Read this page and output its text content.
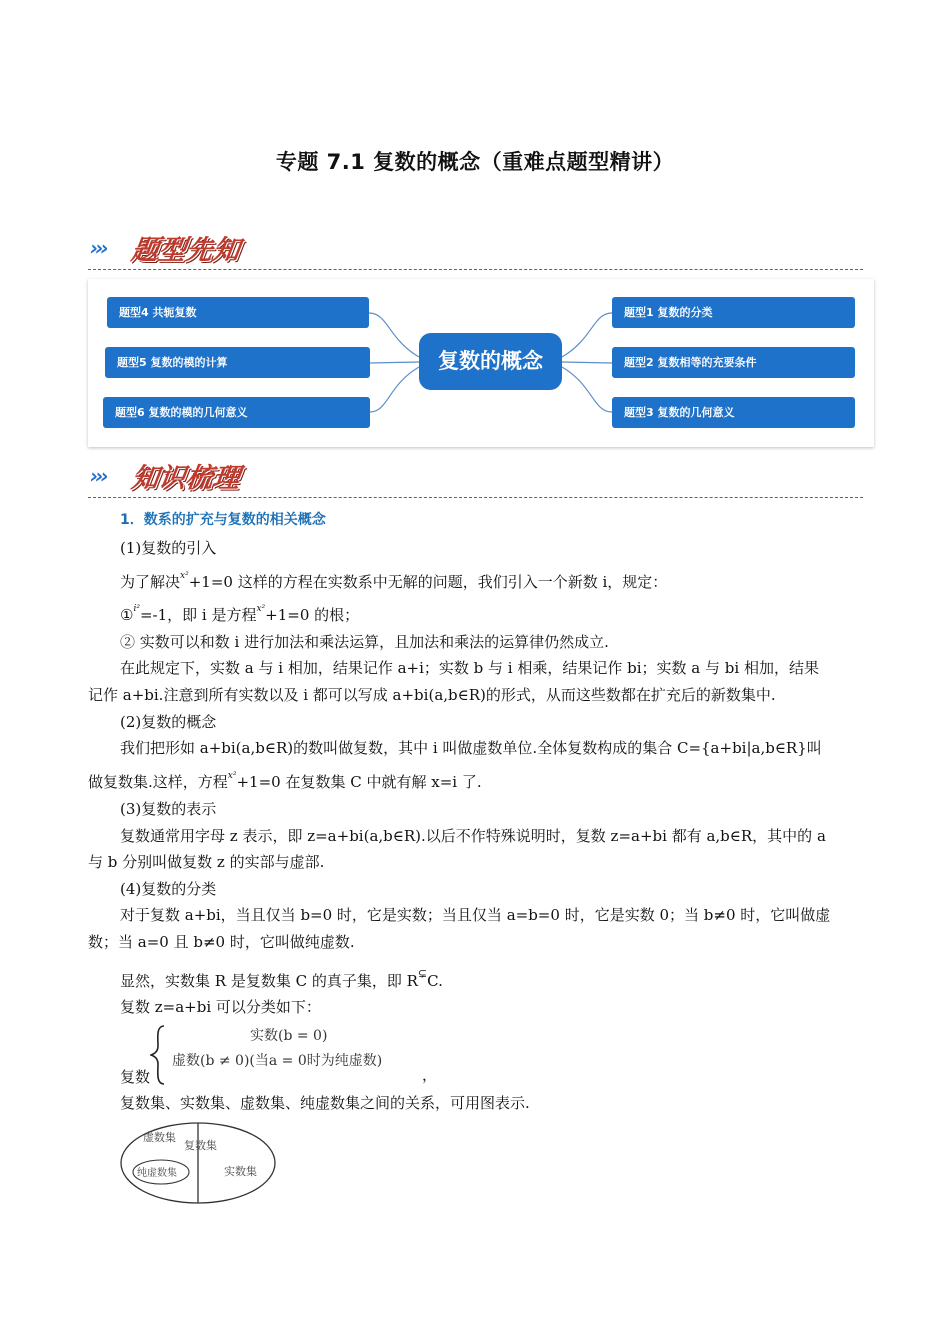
专题 7.1 复数的概念（重难点题型精讲）
››› 题型先知
题型4 共轭复数
题型5 复数的模的计算
题型6 复数的模的几何意义
复数的概念
题型1 复数的分类
题型2 复数相等的充要条件
题型3 复数的几何意义
››› 知识梳理
1．数系的扩充与复数的相关概念
(1)复数的引入
为了解决$^{x^2}$+1=0 这样的方程在实数系中无解的问题，我们引入一个新数 i，规定：
①$^{i^2}$=-1，即 i 是方程$^{x^2}$+1=0 的根；
② 实数可以和数 i 进行加法和乘法运算，且加法和乘法的运算律仍然成立.
在此规定下，实数 a 与 i 相加，结果记作 a+i；实数 b 与 i 相乘，结果记作 bi；实数 a 与 bi 相加，结果
记作 a+bi.注意到所有实数以及 i 都可以写成 a+bi(a,b∈R)的形式，从而这些数都在扩充后的新数集中.
(2)复数的概念
我们把形如 a+bi(a,b∈R)的数叫做复数，其中 i 叫做虚数单位.全体复数构成的集合 C={a+bi|a,b∈R}叫
做复数集.这样，方程$^{x^2}$+1=0 在复数集 C 中就有解 x=i 了.
(3)复数的表示
复数通常用字母 z 表示，即 z=a+bi(a,b∈R).以后不作特殊说明时，复数 z=a+bi 都有 a,b∈R，其中的 a
与 b 分别叫做复数 z 的实部与虚部.
(4)复数的分类
对于复数 a+bi，当且仅当 b=0 时，它是实数；当且仅当 a=b=0 时，它是实数 0；当 b≠0 时，它叫做虚
数；当 a=0 且 b≠0 时，它叫做纯虚数.
显然，实数集 R 是复数集 C 的真子集，即 R⊊C.
复数 z=a+bi 可以分类如下：
实数(b = 0)
虚数(b ≠ 0)(当a = 0时为纯虚数)
复数	，
复数集、实数集、虚数集、纯虚数集之间的关系，可用图表示.
虚数集
复数集
纯虚数集	实数集
